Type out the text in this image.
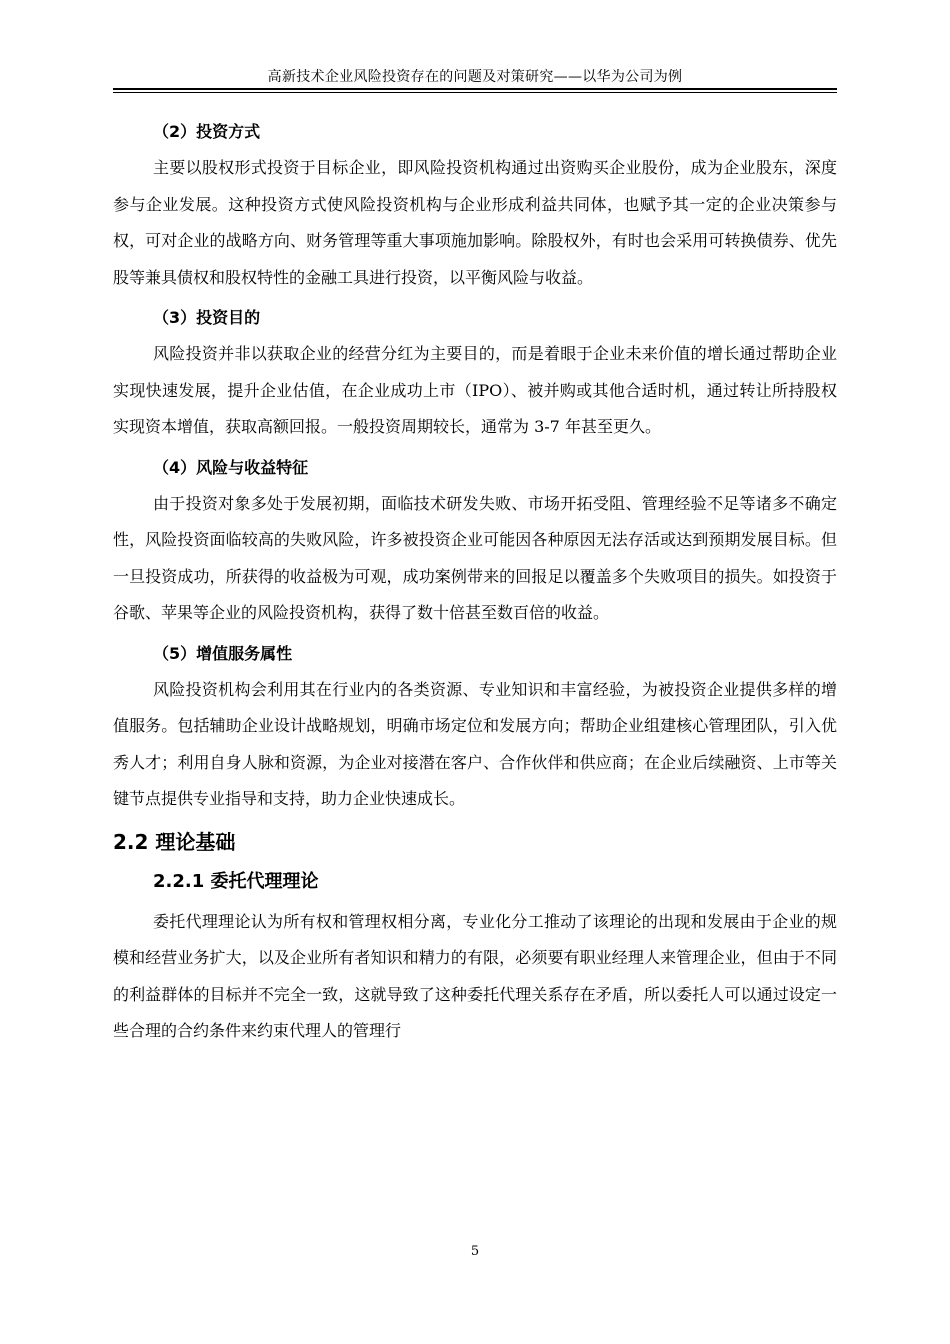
高新技术企业风险投资存在的问题及对策研究——以华为公司为例
（2）投资方式

主要以股权形式投资于目标企业，即风险投资机构通过出资购买企业股份，成为企业股东，深度参与企业发展。这种投资方式使风险投资机构与企业形成利益共同体，也赋予其一定的企业决策参与权，可对企业的战略方向、财务管理等重大事项施加影响。除股权外，有时也会采用可转换债券、优先股等兼具债权和股权特性的金融工具进行投资，以平衡风险与收益。

（3）投资目的

风险投资并非以获取企业的经营分红为主要目的，而是着眼于企业未来价值的增长通过帮助企业实现快速发展，提升企业估值，在企业成功上市（IPO）、被并购或其他合适时机，通过转让所持股权实现资本增值，获取高额回报。一般投资周期较长，通常为 3-7 年甚至更久。

（4）风险与收益特征

由于投资对象多处于发展初期，面临技术研发失败、市场开拓受阻、管理经验不足等诸多不确定性，风险投资面临较高的失败风险，许多被投资企业可能因各种原因无法存活或达到预期发展目标。但一旦投资成功，所获得的收益极为可观，成功案例带来的回报足以覆盖多个失败项目的损失。如投资于谷歌、苹果等企业的风险投资机构，获得了数十倍甚至数百倍的收益。

（5）增值服务属性

风险投资机构会利用其在行业内的各类资源、专业知识和丰富经验，为被投资企业提供多样的增值服务。包括辅助企业设计战略规划，明确市场定位和发展方向；帮助企业组建核心管理团队，引入优秀人才；利用自身人脉和资源，为企业对接潜在客户、合作伙伴和供应商；在企业后续融资、上市等关键节点提供专业指导和支持，助力企业快速成长。

2.2 理论基础
2.2.1 委托代理理论

委托代理理论认为所有权和管理权相分离，专业化分工推动了该理论的出现和发展由于企业的规模和经营业务扩大，以及企业所有者知识和精力的有限，必须要有职业经理人来管理企业，但由于不同的利益群体的目标并不完全一致，这就导致了这种委托代理关系存在矛盾，所以委托人可以通过设定一些合理的合约条件来约束代理人的管理行

5
